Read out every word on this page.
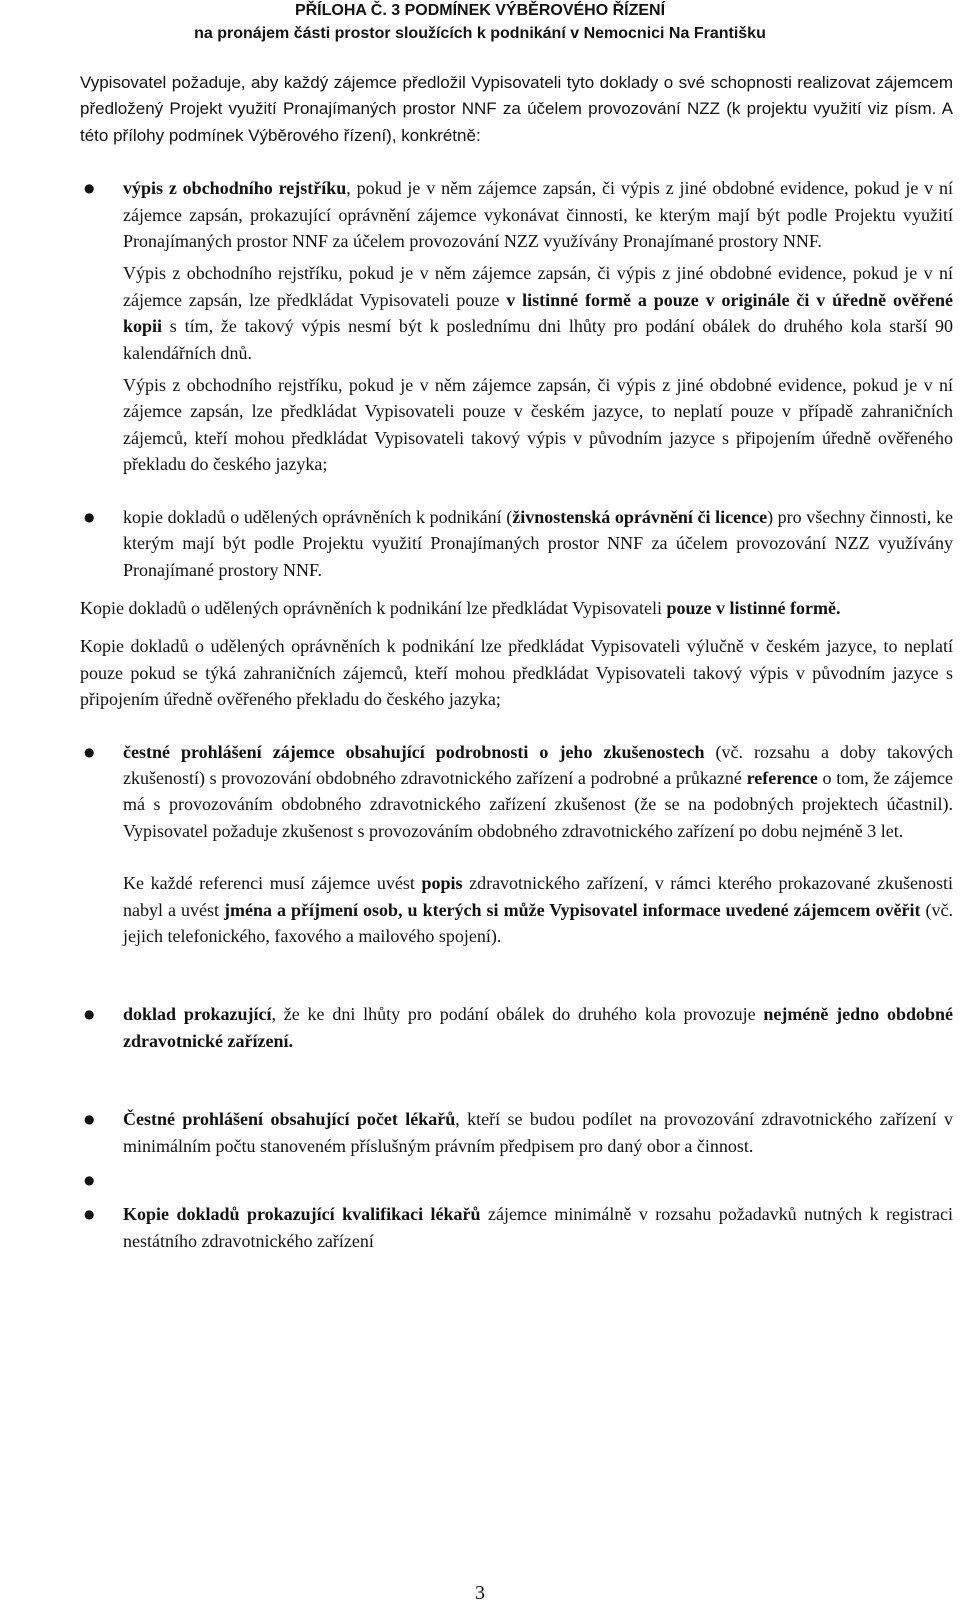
PŘÍLOHA Č. 3 PODMÍNEK VÝBĚROVÉHO ŘÍZENÍ
na pronájem části prostor sloužících k podnikání v Nemocnici Na Františku

Vypisovatel požaduje, aby každý zájemce předložil Vypisovateli tyto doklady o své schopnosti realizovat zájemcem předložený Projekt využití Pronajímaných prostor NNF za účelem provozování NZZ (k projektu využití viz písm. A této přílohy podmínek Výběrového řízení), konkrétně:

● výpis z obchodního rejstříku, pokud je v něm zájemce zapsán, či výpis z jiné obdobné evidence, pokud je v ní zájemce zapsán, prokazující oprávnění zájemce vykonávat činnosti, ke kterým mají být podle Projektu využití Pronajímaných prostor NNF za účelem provozování NZZ využívány Pronajímané prostory NNF.

Výpis z obchodního rejstříku, pokud je v něm zájemce zapsán, či výpis z jiné obdobné evidence, pokud je v ní zájemce zapsán, lze předkládat Vypisovateli pouze v listinné formě a pouze v originále či v úředně ověřené kopii s tím, že takový výpis nesmí být k poslednímu dni lhůty pro podání obálek do druhého kola starší 90 kalendářních dnů.

Výpis z obchodního rejstříku, pokud je v něm zájemce zapsán, či výpis z jiné obdobné evidence, pokud je v ní zájemce zapsán, lze předkládat Vypisovateli pouze v českém jazyce, to neplatí pouze v případě zahraničních zájemců, kteří mohou předkládat Vypisovateli takový výpis v původním jazyce s připojením úředně ověřeného překladu do českého jazyka;

● kopie dokladů o udělených oprávněních k podnikání (živnostenská oprávnění či licence) pro všechny činnosti, ke kterým mají být podle Projektu využití Pronajímaných prostor NNF za účelem provozování NZZ využívány Pronajímané prostory NNF.

Kopie dokladů o udělených oprávněních k podnikání lze předkládat Vypisovateli pouze v listinné formě.

Kopie dokladů o udělených oprávněních k podnikání lze předkládat Vypisovateli výlučně v českém jazyce, to neplatí pouze pokud se týká zahraničních zájemců, kteří mohou předkládat Vypisovateli takový výpis v původním jazyce s připojením úředně ověřeného překladu do českého jazyka;

● čestné prohlášení zájemce obsahující podrobnosti o jeho zkušenostech (vč. rozsahu a doby takových zkušeností) s provozování obdobného zdravotnického zařízení a podrobné a průkazné reference o tom, že zájemce má s provozováním obdobného zdravotnického zařízení zkušenost (že se na podobných projektech účastnil). Vypisovatel požaduje zkušenost s provozováním obdobného zdravotnického zařízení po dobu nejméně 3 let.

Ke každé referenci musí zájemce uvést popis zdravotnického zařízení, v rámci kterého prokazované zkušenosti nabyl a uvést jména a příjmení osob, u kterých si může Vypisovatel informace uvedené zájemcem ověřit (vč. jejich telefonického, faxového a mailového spojení).

● doklad prokazující, že ke dni lhůty pro podání obálek do druhého kola provozuje nejméně jedno obdobné zdravotnické zařízení.

● Čestné prohlášení obsahující počet lékařů, kteří se budou podílet na provozování zdravotnického zařízení v minimálním počtu stanoveném příslušným právním předpisem pro daný obor a činnost.

●

● Kopie dokladů prokazující kvalifikaci lékařů zájemce minimálně v rozsahu požadavků nutných k registraci nestátního zdravotnického zařízení

3
